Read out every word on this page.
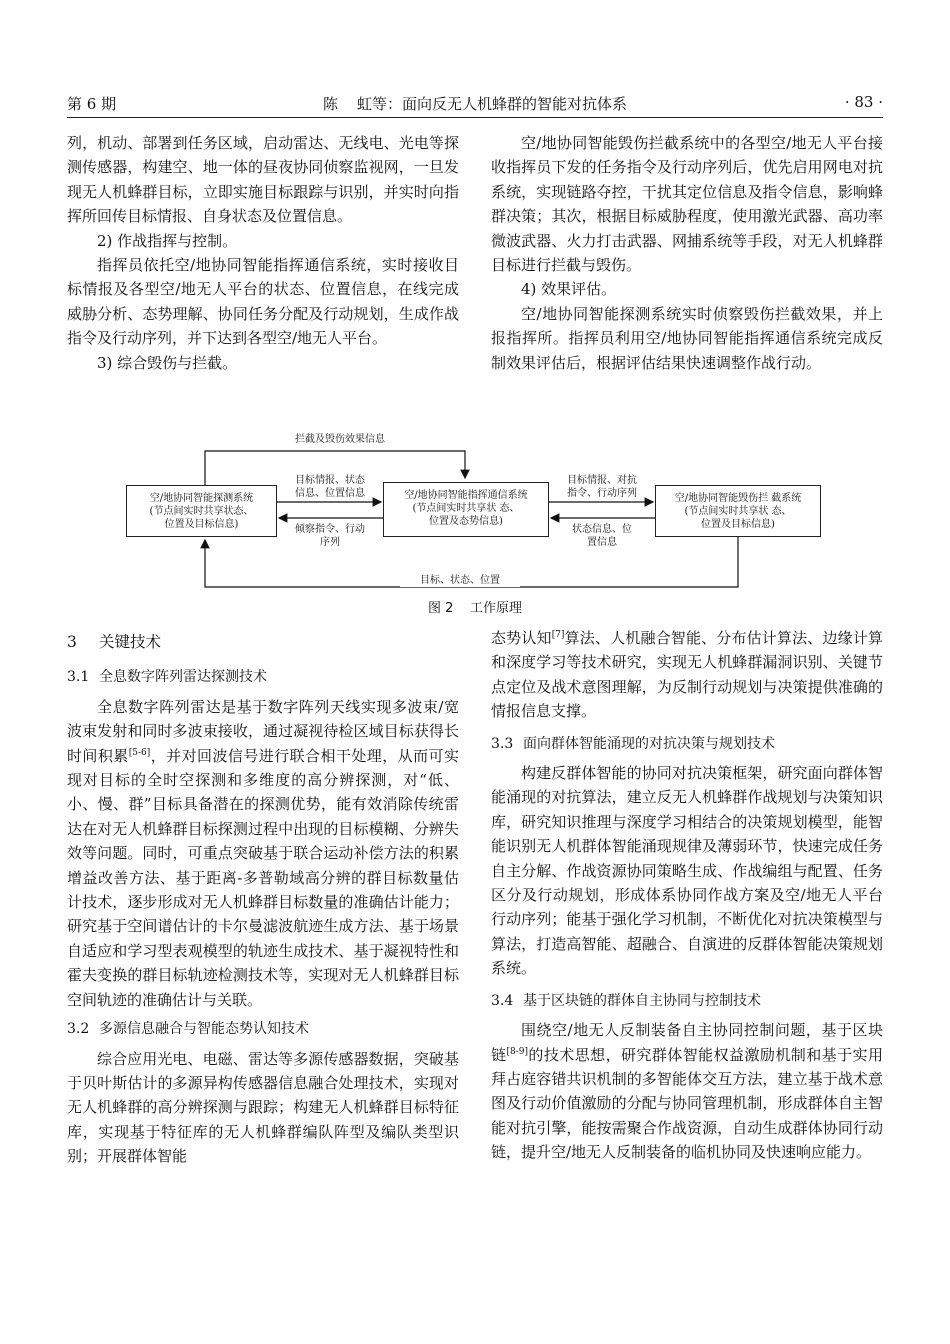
第 6 期	陈    虹等：面向反无人机蜂群的智能对抗体系	· 83 ·

列，机动、部署到任务区域，启动雷达、无线电、光电等探测传感器，构建空、地一体的昼夜协同侦察监视网，一旦发现无人机蜂群目标，立即实施目标跟踪与识别，并实时向指挥所回传目标情报、自身状态及位置信息。

2) 作战指挥与控制。

指挥员依托空/地协同智能指挥通信系统，实时接收目标情报及各型空/地无人平台的状态、位置信息，在线完成威胁分析、态势理解、协同任务分配及行动规划，生成作战指令及行动序列，并下达到各型空/地无人平台。

3) 综合毁伤与拦截。

空/地协同智能毁伤拦截系统中的各型空/地无人平台接收指挥员下发的任务指令及行动序列后，优先启用网电对抗系统，实现链路夺控，干扰其定位信息及指令信息，影响蜂群决策；其次，根据目标威胁程度，使用激光武器、高功率微波武器、火力打击武器、网捕系统等手段，对无人机蜂群目标进行拦截与毁伤。

4) 效果评估。

空/地协同智能探测系统实时侦察毁伤拦截效果，并上报指挥所。指挥员利用空/地协同智能指挥通信系统完成反制效果评估后，根据评估结果快速调整作战行动。

空/地协同智能探测系统
(节点间实时共享状态、
位置及目标信息)
空/地协同智能指挥通信系统
(节点间实时共享状 态、
位置及态势信息)
空/地协同智能毁伤拦 截系统
(节点间实时共享状 态、
位置及目标信息)
拦截及毁伤效果信息
目标情报、状态
信息、位置信息
倾察指令、行动
序列
目标情报、对抗
指令、行动序列
状态信息、位
置信息
目标、状态、位置
图 2    工作原理

3 关键技术

3.1 全息数字阵列雷达探测技术

全息数字阵列雷达是基于数字阵列天线实现多波束/宽波束发射和同时多波束接收，通过凝视待检区域目标获得长时间积累[5-6]，并对回波信号进行联合相干处理，从而可实现对目标的全时空探测和多维度的高分辨探测，对“低、小、慢、群”目标具备潜在的探测优势，能有效消除传统雷达在对无人机蜂群目标探测过程中出现的目标模糊、分辨失效等问题。同时，可重点突破基于联合运动补偿方法的积累增益改善方法、基于距离-多普勒域高分辨的群目标数量估计技术，逐步形成对无人机蜂群目标数量的准确估计能力；研究基于空间谱估计的卡尔曼滤波航迹生成方法、基于场景自适应和学习型表观模型的轨迹生成技术、基于凝视特性和霍夫变换的群目标轨迹检测技术等，实现对无人机蜂群目标空间轨迹的准确估计与关联。

3.2 多源信息融合与智能态势认知技术

综合应用光电、电磁、雷达等多源传感器数据，突破基于贝叶斯估计的多源异构传感器信息融合处理技术，实现对无人机蜂群的高分辨探测与跟踪；构建无人机蜂群目标特征库，实现基于特征库的无人机蜂群编队阵型及编队类型识别；开展群体智能

态势认知[7]算法、人机融合智能、分布估计算法、边缘计算和深度学习等技术研究，实现无人机蜂群漏洞识别、关键节点定位及战术意图理解，为反制行动规划与决策提供准确的情报信息支撑。

3.3 面向群体智能涌现的对抗决策与规划技术

构建反群体智能的协同对抗决策框架，研究面向群体智能涌现的对抗算法，建立反无人机蜂群作战规划与决策知识库，研究知识推理与深度学习相结合的决策规划模型，能智能识别无人机群体智能涌现规律及薄弱环节，快速完成任务自主分解、作战资源协同策略生成、作战编组与配置、任务区分及行动规划，形成体系协同作战方案及空/地无人平台行动序列；能基于强化学习机制，不断优化对抗决策模型与算法，打造高智能、超融合、自演进的反群体智能决策规划系统。

3.4 基于区块链的群体自主协同与控制技术

围绕空/地无人反制装备自主协同控制问题，基于区块链[8-9]的技术思想，研究群体智能权益激励机制和基于实用拜占庭容错共识机制的多智能体交互方法，建立基于战术意图及行动价值激励的分配与协同管理机制，形成群体自主智能对抗引擎，能按需聚合作战资源，自动生成群体协同行动链，提升空/地无人反制装备的临机协同及快速响应能力。
